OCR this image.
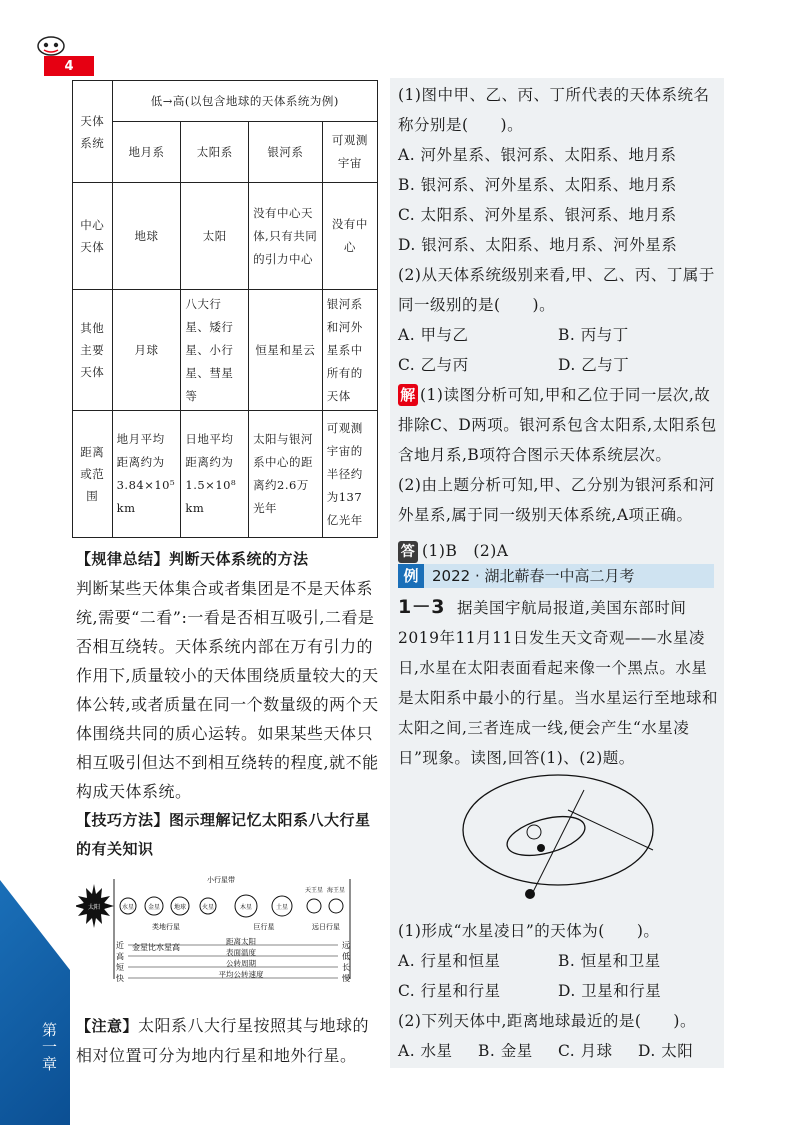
4
第一章
天体系统	低→高(以包含地球的天体系统为例)			
	地月系	太阳系	银河系	可观测宇宙
中心天体	地球	太阳	没有中心天体,只有共同的引力中心	没有中心
其他主要天体	月球	八大行星、矮行星、小行星、彗星等	恒星和星云	银河系和河外星系中所有的天体
距离或范围	地月平均距离约为3.84×10⁵ km	日地平均距离约为1.5×10⁸ km	太阳与银河系中心的距离约2.6万光年	可观测宇宙的半径约为137亿光年
【规律总结】判断天体系统的方法
判断某些天体集合或者集团是不是天体系统,需要“二看”:一看是否相互吸引,二看是否相互绕转。天体系统内部在万有引力的作用下,质量较小的天体围绕质量较大的天体公转,或者质量在同一个数量级的两个天体围绕共同的质心运转。如果某些天体只相互吸引但达不到相互绕转的程度,就不能构成天体系统。
【技巧方法】图示理解记忆太阳系八大行星的有关知识
太阳
小行星带
水星 金星 地球	火星	木星	土星
天王星 海王星
类地行星	巨行星	远日行星
金星比水星高
近	距离太阳	远
高	表面温度	低
短	公转周期	长
快	平均公转速度	慢
【注意】太阳系八大行星按照其与地球的相对位置可分为地内行星和地外行星。
(1)图中甲、乙、丙、丁所代表的天体系统名称分别是(　　)。
A. 河外星系、银河系、太阳系、地月系
B. 银河系、河外星系、太阳系、地月系
C. 太阳系、河外星系、银河系、地月系
D. 银河系、太阳系、地月系、河外星系
(2)从天体系统级别来看,甲、乙、丙、丁属于同一级别的是(　　)。
A. 甲与乙	B. 丙与丁
C. 乙与丙	D. 乙与丁
解 (1)读图分析可知,甲和乙位于同一层次,故排除C、D两项。银河系包含太阳系,太阳系包含地月系,B项符合图示天体系统层次。
(2)由上题分析可知,甲、乙分别为银河系和河外星系,属于同一级别天体系统,A项正确。
答 (1)B　(2)A
例 2022 · 湖北蕲春一中高二月考
1－3 据美国宇航局报道,美国东部时间2019年11月11日发生天文奇观——水星凌日,水星在太阳表面看起来像一个黑点。水星是太阳系中最小的行星。当水星运行至地球和太阳之间,三者连成一线,便会产生“水星凌日”现象。读图,回答(1)、(2)题。
(1)形成“水星凌日”的天体为(　　)。
A. 行星和恒星	B. 恒星和卫星
C. 行星和行星	D. 卫星和行星
(2)下列天体中,距离地球最近的是(　　)。
A. 水星	B. 金星	C. 月球	D. 太阳
